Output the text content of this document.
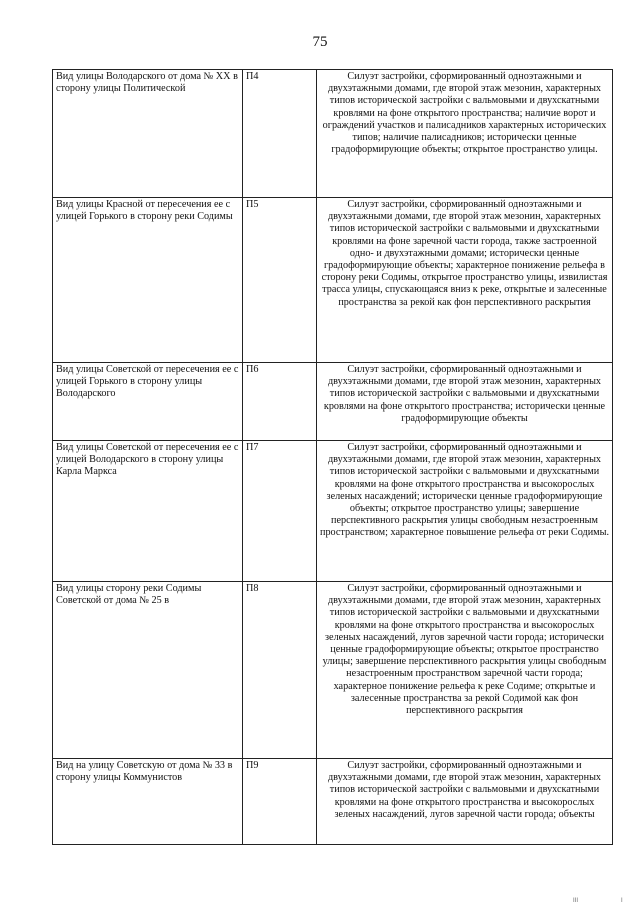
75
Вид улицы Володарского от дома № XX в сторону улицы Политической	П4	Силуэт застройки, сформированный одноэтажными и двухэтажными домами, где второй этаж мезонин, характерных типов исторической застройки с вальмовыми и двухскатными кровлями на фоне открытого пространства; наличие ворот и ограждений участков и палисадников характерных исторических типов; наличие палисадников; исторически ценные градоформирующие объекты; открытое пространство улицы.
Вид улицы Красной от пересечения ее с улицей Горького в сторону реки Содимы	П5	Силуэт застройки, сформированный одноэтажными и двухэтажными домами, где второй этаж мезонин, характерных типов исторической застройки с вальмовыми и двухскатными кровлями на фоне заречной части города, также застроенной одно- и двухэтажными домами; исторически ценные градоформирующие объекты; характерное понижение рельефа в сторону реки Содимы, открытое пространство улицы, извилистая трасса улицы, спускающаяся вниз к реке, открытые и залесенные пространства за рекой как фон перспективного раскрытия
Вид улицы Советской от пересечения ее с улицей Горького в сторону улицы Володарского	П6	Силуэт застройки, сформированный одноэтажными и двухэтажными домами, где второй этаж мезонин, характерных типов исторической застройки с вальмовыми и двухскатными кровлями на фоне открытого пространства; исторически ценные градоформирующие объекты
Вид улицы Советской от пересечения ее с улицей Володарского в сторону улицы Карла Маркса	П7	Силуэт застройки, сформированный одноэтажными и двухэтажными домами, где второй этаж мезонин, характерных типов исторической застройки с вальмовыми и двухскатными кровлями на фоне открытого пространства и высокорослых зеленых насаждений; исторически ценные градоформирующие объекты; открытое пространство улицы; завершение перспективного раскрытия улицы свободным незастроенным пространством; характерное повышение рельефа от реки Содимы.
Вид улицы сторону реки Содимы Советской от дома № 25 в	П8	Силуэт застройки, сформированный одноэтажными и двухэтажными домами, где второй этаж мезонин, характерных типов исторической застройки с вальмовыми и двухскатными кровлями на фоне открытого пространства и высокорослых зеленых насаждений, лугов заречной части города; исторически ценные градоформирующие объекты; открытое пространство улицы; завершение перспективного раскрытия улицы свободным незастроенным пространством заречной части города; характерное понижение рельефа к реке Содиме; открытые и залесенные пространства за рекой Содимой как фон перспективного раскрытия
Вид на улицу Советскую от дома № 33 в сторону улицы Коммунистов	П9	Силуэт застройки, сформированный одноэтажными и двухэтажными домами, где второй этаж мезонин, характерных типов исторической застройки с вальмовыми и двухскатными кровлями на фоне открытого пространства и высокорослых зеленых насаждений, лугов заречной части города; объекты
III	I
